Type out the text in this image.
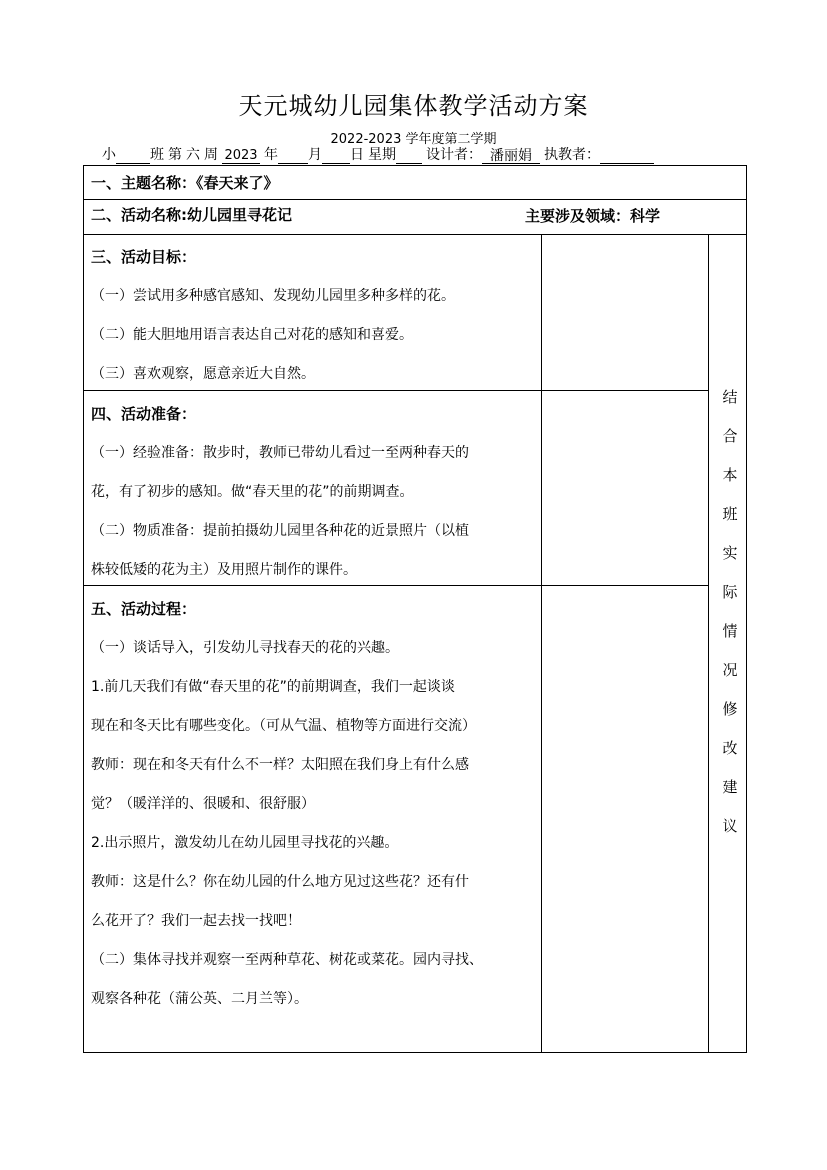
天元城幼儿园集体教学活动方案
2022-2023 学年度第二学期
小 班 第 六 周 2023 年 月 日 星期 设计者： 潘丽娟 执教者：
一、主题名称：《春天来了》
二、活动名称:幼儿园里寻花记	主要涉及领域：科学

三、活动目标：

（一）尝试用多种感官感知、发现幼儿园里多种多样的花。

（二）能大胆地用语言表达自己对花的感知和喜爱。

（三）喜欢观察，愿意亲近大自然。

四、活动准备：

（一）经验准备：散步时，教师已带幼儿看过一至两种春天的

花，有了初步的感知。做“春天里的花”的前期调查。

（二）物质准备：提前拍摄幼儿园里各种花的近景照片（以植

株较低矮的花为主）及用照片制作的课件。

五、活动过程：

（一）谈话导入，引发幼儿寻找春天的花的兴趣。

1.前几天我们有做“春天里的花”的前期调查，我们一起谈谈

现在和冬天比有哪些变化。（可从气温、植物等方面进行交流）

教师：现在和冬天有什么不一样？太阳照在我们身上有什么感

觉？（暖洋洋的、很暖和、很舒服）

2.出示照片，激发幼儿在幼儿园里寻找花的兴趣。

教师：这是什么？你在幼儿园的什么地方见过这些花？还有什

么花开了？我们一起去找一找吧！

（二）集体寻找并观察一至两种草花、树花或菜花。园内寻找、

观察各种花（蒲公英、二月兰等）。

结
合
本
班
实
际
情
况
修
改
建
议
